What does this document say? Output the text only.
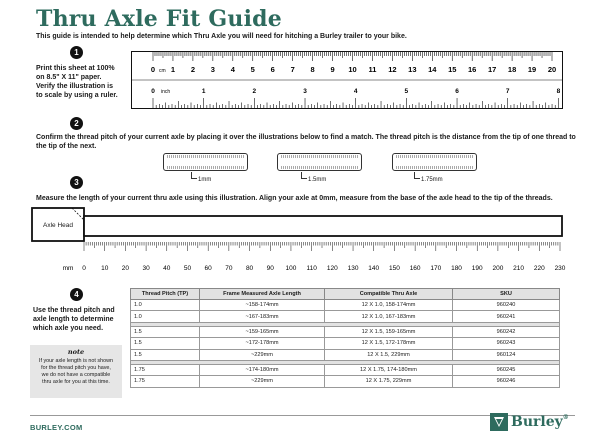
Thru Axle Fit Guide
This guide is intended to help determine which Thru Axle you will need for hitching a Burley trailer to your bike.
1
Print this sheet at 100%
on 8.5" X 11" paper.
Verify the illustration is
to scale by using a ruler.
0 1 2 3 4 5 6 7 8 9 10 11 12 13 14 15 16 17 18 19 20
cm
0	1	2	3	4	5	6	7	8
inch
2
Confirm the thread pitch of your current axle by placing it over the illustrations below to find a match. The thread pitch is the distance from the tip of one thread to the tip of the next.
1mm	1.5mm	1.75mm
3
Measure the length of your current thru axle using this illustration. Align your axle at 0mm, measure from the base of the axle head to the tip of the threads.
0 10 20 30 40 50 60 70 80 90 100 110 120 130 140 150 160 170 180 190 200 210 220 230
mm
Axle Head
4
Use the thread pitch and
axle length to determine
which axle you need.
note
If your axle length is not shown
for the thread pitch you have,
we do not have a compatible
thru axle for you at this time.
Thread Pitch (TP)	Frame Measured Axle Length	Compatible Thru Axle	SKU
1.0	~158-174mm	12 X 1.0, 158-174mm	960240
1.0	~167-183mm	12 X 1.0, 167-183mm	960241

1.5	~159-165mm	12 X 1.5, 159-165mm	960242
1.5	~172-178mm	12 X 1.5, 172-178mm	960243
1.5	~229mm	12 X 1.5, 229mm	960124

1.75	~174-180mm	12 X 1.75, 174-180mm	960245
1.75	~229mm	12 X 1.75, 229mm	960246
BURLEY.COM	Burley®
